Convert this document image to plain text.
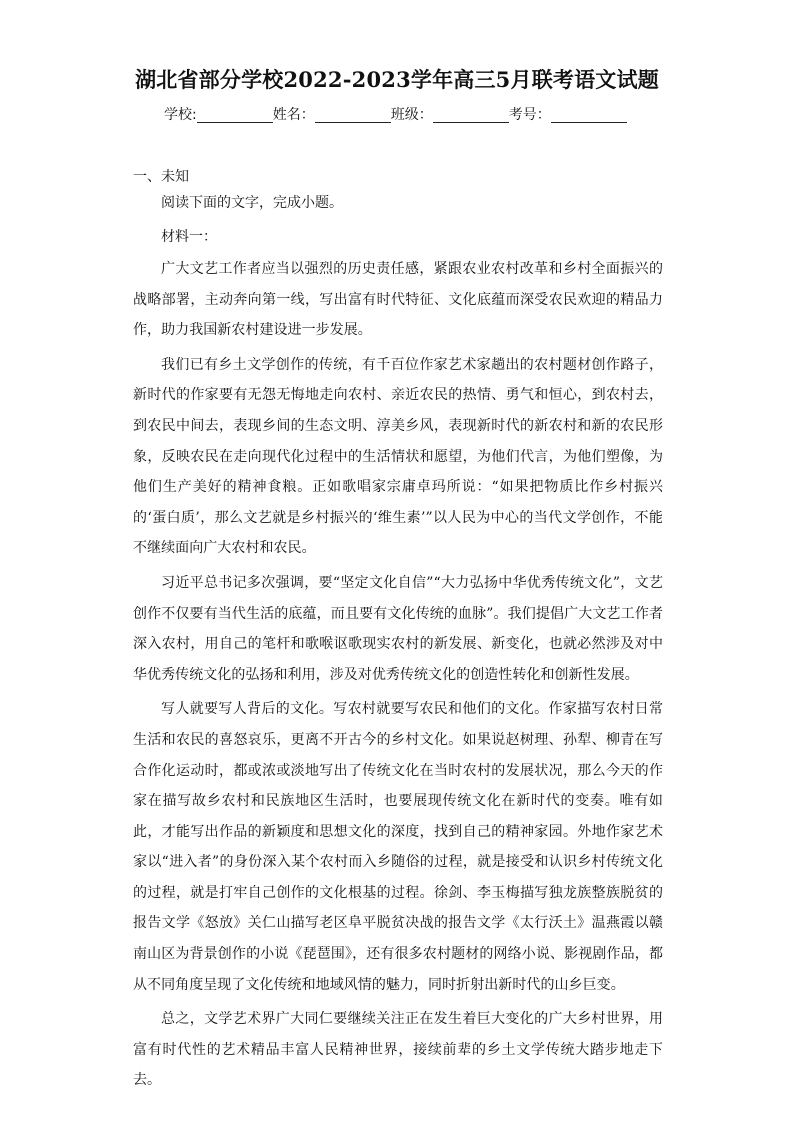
湖北省部分学校2022-2023学年高三5月联考语文试题
学校:	姓名：	班级：	考号：
一、未知
阅读下面的文字，完成小题。
材料一：

广大文艺工作者应当以强烈的历史责任感，紧跟农业农村改革和乡村全面振兴的战略部署，主动奔向第一线，写出富有时代特征、文化底蕴而深受农民欢迎的精品力作，助力我国新农村建设进一步发展。

我们已有乡土文学创作的传统，有千百位作家艺术家趟出的农村题材创作路子，新时代的作家要有无怨无悔地走向农村、亲近农民的热情、勇气和恒心，到农村去，到农民中间去，表现乡间的生态文明、淳美乡风，表现新时代的新农村和新的农民形象，反映农民在走向现代化过程中的生活情状和愿望，为他们代言，为他们塑像，为他们生产美好的精神食粮。正如歌唱家宗庸卓玛所说：“如果把物质比作乡村振兴的‘蛋白质’，那么文艺就是乡村振兴的‘维生素’”以人民为中心的当代文学创作，不能不继续面向广大农村和农民。

习近平总书记多次强调，要“坚定文化自信”“大力弘扬中华优秀传统文化”，文艺创作不仅要有当代生活的底蕴，而且要有文化传统的血脉”。我们提倡广大文艺工作者深入农村，用自己的笔杆和歌喉讴歌现实农村的新发展、新变化，也就必然涉及对中华优秀传统文化的弘扬和利用，涉及对优秀传统文化的创造性转化和创新性发展。

写人就要写人背后的文化。写农村就要写农民和他们的文化。作家描写农村日常生活和农民的喜怒哀乐，更离不开古今的乡村文化。如果说赵树理、孙犁、柳青在写合作化运动时，都或浓或淡地写出了传统文化在当时农村的发展状况，那么今天的作家在描写故乡农村和民族地区生活时，也要展现传统文化在新时代的变奏。唯有如此，才能写出作品的新颖度和思想文化的深度，找到自己的精神家园。外地作家艺术家以“进入者”的身份深入某个农村而入乡随俗的过程，就是接受和认识乡村传统文化的过程，就是打牢自己创作的文化根基的过程。徐剑、李玉梅描写独龙族整族脱贫的报告文学《怒放》关仁山描写老区阜平脱贫决战的报告文学《太行沃土》温燕霞以赣南山区为背景创作的小说《琵琶围》，还有很多农村题材的网络小说、影视剧作品，都从不同角度呈现了文化传统和地域风情的魅力，同时折射出新时代的山乡巨变。

总之，文学艺术界广大同仁要继续关注正在发生着巨大变化的广大乡村世界，用富有时代性的艺术精品丰富人民精神世界，接续前辈的乡土文学传统大踏步地走下去。
